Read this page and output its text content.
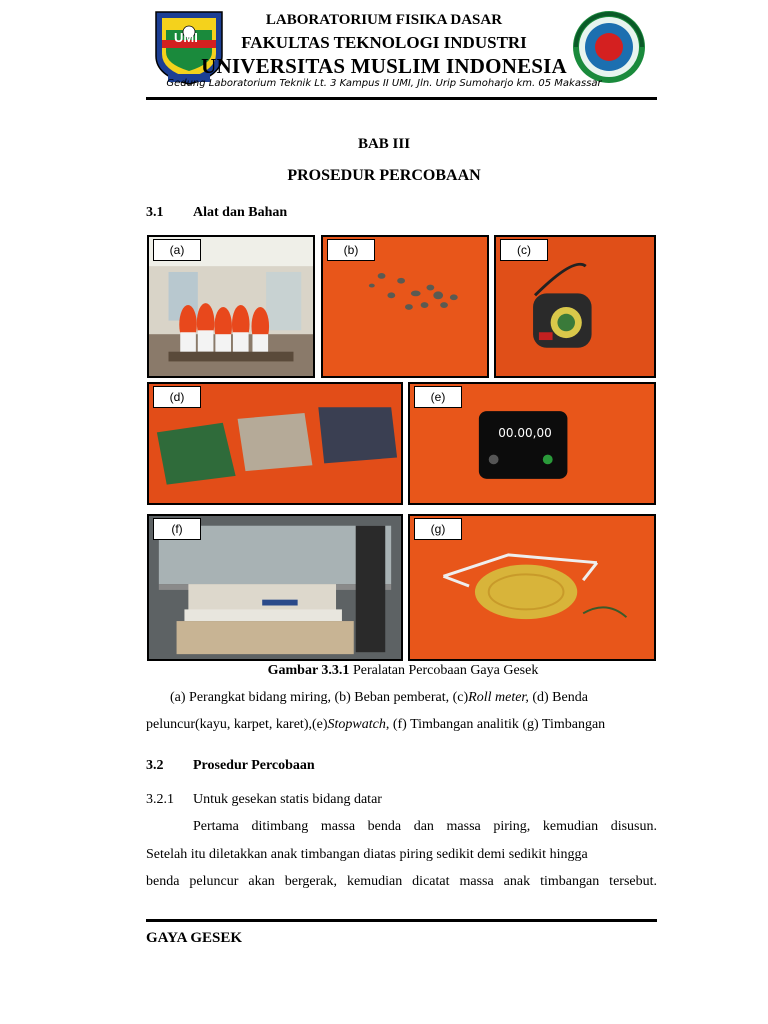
UMI
LABORATORIUM FISIKA DASAR
FAKULTAS TEKNOLOGI INDUSTRI
UNIVERSITAS MUSLIM INDONESIA
Gedung Laboratorium Teknik Lt. 3 Kampus II UMI, Jln. Urip Sumoharjo km. 05 Makassar
BAB III
PROSEDUR PERCOBAAN
3.1 Alat dan Bahan
(a)	(b)	(c)
(d)
00.00,00
(e)
(f)	(g)
Gambar 3.3.1 Peralatan Percobaan Gaya Gesek
(a) Perangkat bidang miring, (b) Beban pemberat, (c)Roll meter, (d) Benda
peluncur(kayu, karpet, karet),(e)Stopwatch, (f) Timbangan analitik (g) Timbangan
3.2 Prosedur Percobaan
3.2.1 Untuk gesekan statis bidang datar
Pertama ditimbang massa benda dan massa piring, kemudian disusun.
Setelah itu diletakkan anak timbangan diatas piring sedikit demi sedikit hingga
benda peluncur akan bergerak, kemudian dicatat massa anak timbangan tersebut.
GAYA GESEK
